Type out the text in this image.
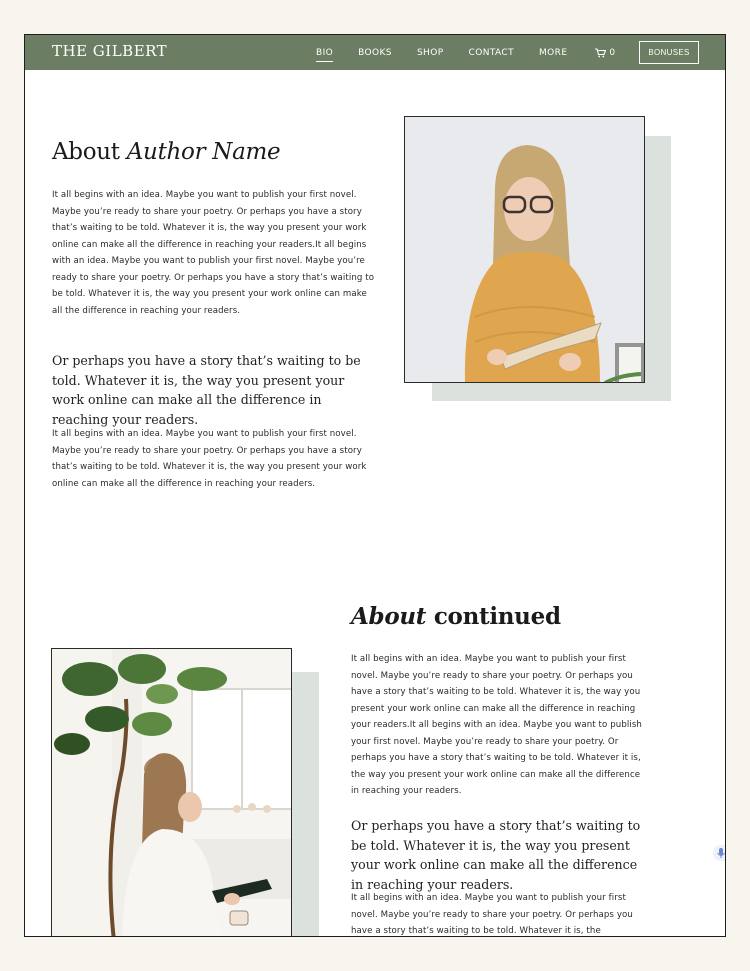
THE GILBERT	BIO	BOOKS	SHOP	CONTACT	MORE	0	BONUSES
About Author Name

It all begins with an idea. Maybe you want to publish your first novel. Maybe you’re ready to share your poetry. Or perhaps you have a story that’s waiting to be told. Whatever it is, the way you present your work online can make all the difference in reaching your readers.It all begins with an idea. Maybe you want to publish your first novel. Maybe you’re ready to share your poetry. Or perhaps you have a story that’s waiting to be told. Whatever it is, the way you present your work online can make all the difference in reaching your readers.

Or perhaps you have a story that’s waiting to be told. Whatever it is, the way you present your work online can make all the difference in reaching your readers.

It all begins with an idea. Maybe you want to publish your first novel. Maybe you’re ready to share your poetry. Or perhaps you have a story that’s waiting to be told. Whatever it is, the way you present your work online can make all the difference in reaching your readers.

About continued

It all begins with an idea. Maybe you want to publish your first novel. Maybe you’re ready to share your poetry. Or perhaps you have a story that’s waiting to be told. Whatever it is, the way you present your work online can make all the difference in reaching your readers.It all begins with an idea. Maybe you want to publish your first novel. Maybe you’re ready to share your poetry. Or perhaps you have a story that’s waiting to be told. Whatever it is, the way you present your work online can make all the difference in reaching your readers.

Or perhaps you have a story that’s waiting to be told. Whatever it is, the way you present your work online can make all the difference in reaching your readers.

It all begins with an idea. Maybe you want to publish your first novel. Maybe you’re ready to share your poetry. Or perhaps you have a story that’s waiting to be told. Whatever it is, the
